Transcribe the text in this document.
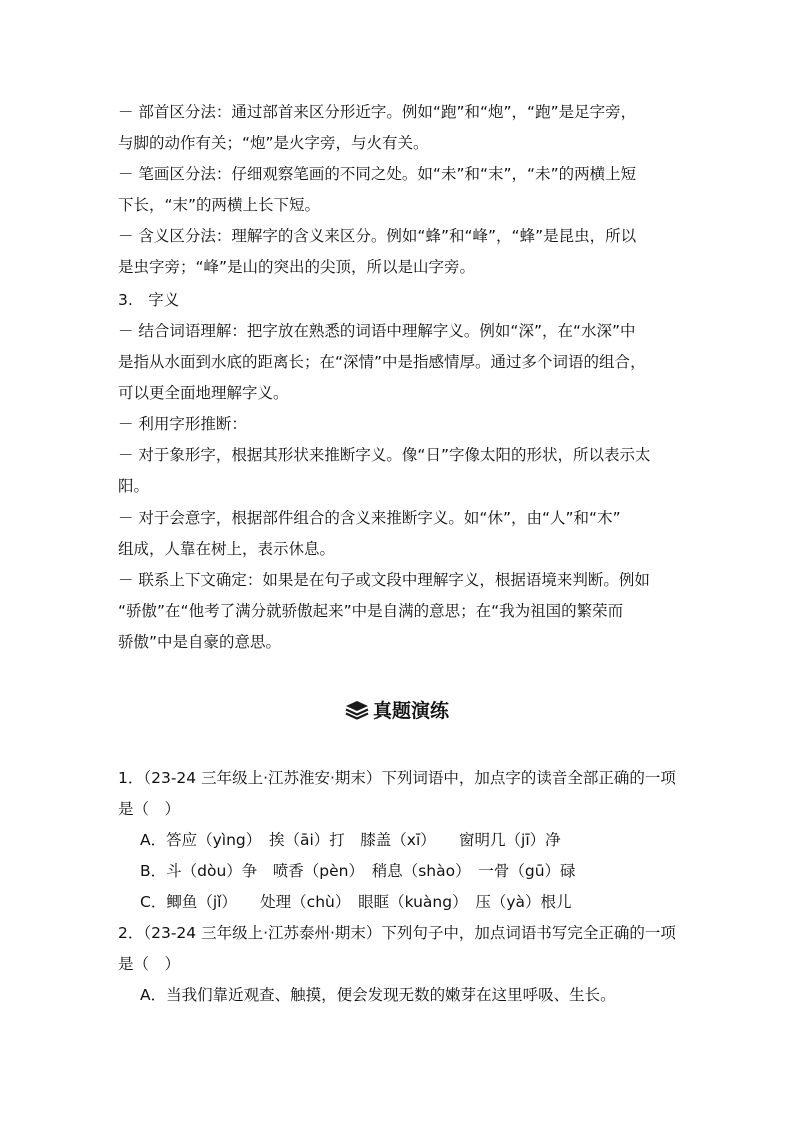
－ 部首区分法：通过部首来区分形近字。例如“跑”和“炮”，“跑”是足字旁，
与脚的动作有关；“炮”是火字旁，与火有关。
－ 笔画区分法：仔细观察笔画的不同之处。如“未”和“末”，“未”的两横上短
下长，“末”的两横上长下短。
－ 含义区分法：理解字的含义来区分。例如“蜂”和“峰”，“蜂”是昆虫，所以
是虫字旁；“峰”是山的突出的尖顶，所以是山字旁。
3.　字义
－ 结合词语理解：把字放在熟悉的词语中理解字义。例如“深”，在“水深”中
是指从水面到水底的距离长；在“深情”中是指感情厚。通过多个词语的组合，
可以更全面地理解字义。
－ 利用字形推断：
－ 对于象形字，根据其形状来推断字义。像“日”字像太阳的形状，所以表示太
阳。
－ 对于会意字，根据部件组合的含义来推断字义。如“休”，由“人”和“木”
组成，人靠在树上，表示休息。
－ 联系上下文确定：如果是在句子或文段中理解字义，根据语境来判断。例如
“骄傲”在“他考了满分就骄傲起来”中是自满的意思；在“我为祖国的繁荣而
骄傲”中是自豪的意思。
真题演练
1．（23-24 三年级上·江苏淮安·期末）下列词语中，加点字的读音全部正确的一项
是（　）
A．答应（yìng）　挨（āi）打　膝盖（xī）　　窗明几（jī）净
B．斗（dòu）争　喷香（pèn）　稍息（shào）　一骨（gū）碌
C．鲫鱼（jǐ）　　处理（chù）　眼眶（kuàng）　压（yà）根儿
2．（23-24 三年级上·江苏泰州·期末）下列句子中，加点词语书写完全正确的一项
是（　）
A．当我们靠近观查、触摸，便会发现无数的嫩芽在这里呼吸、生长。
